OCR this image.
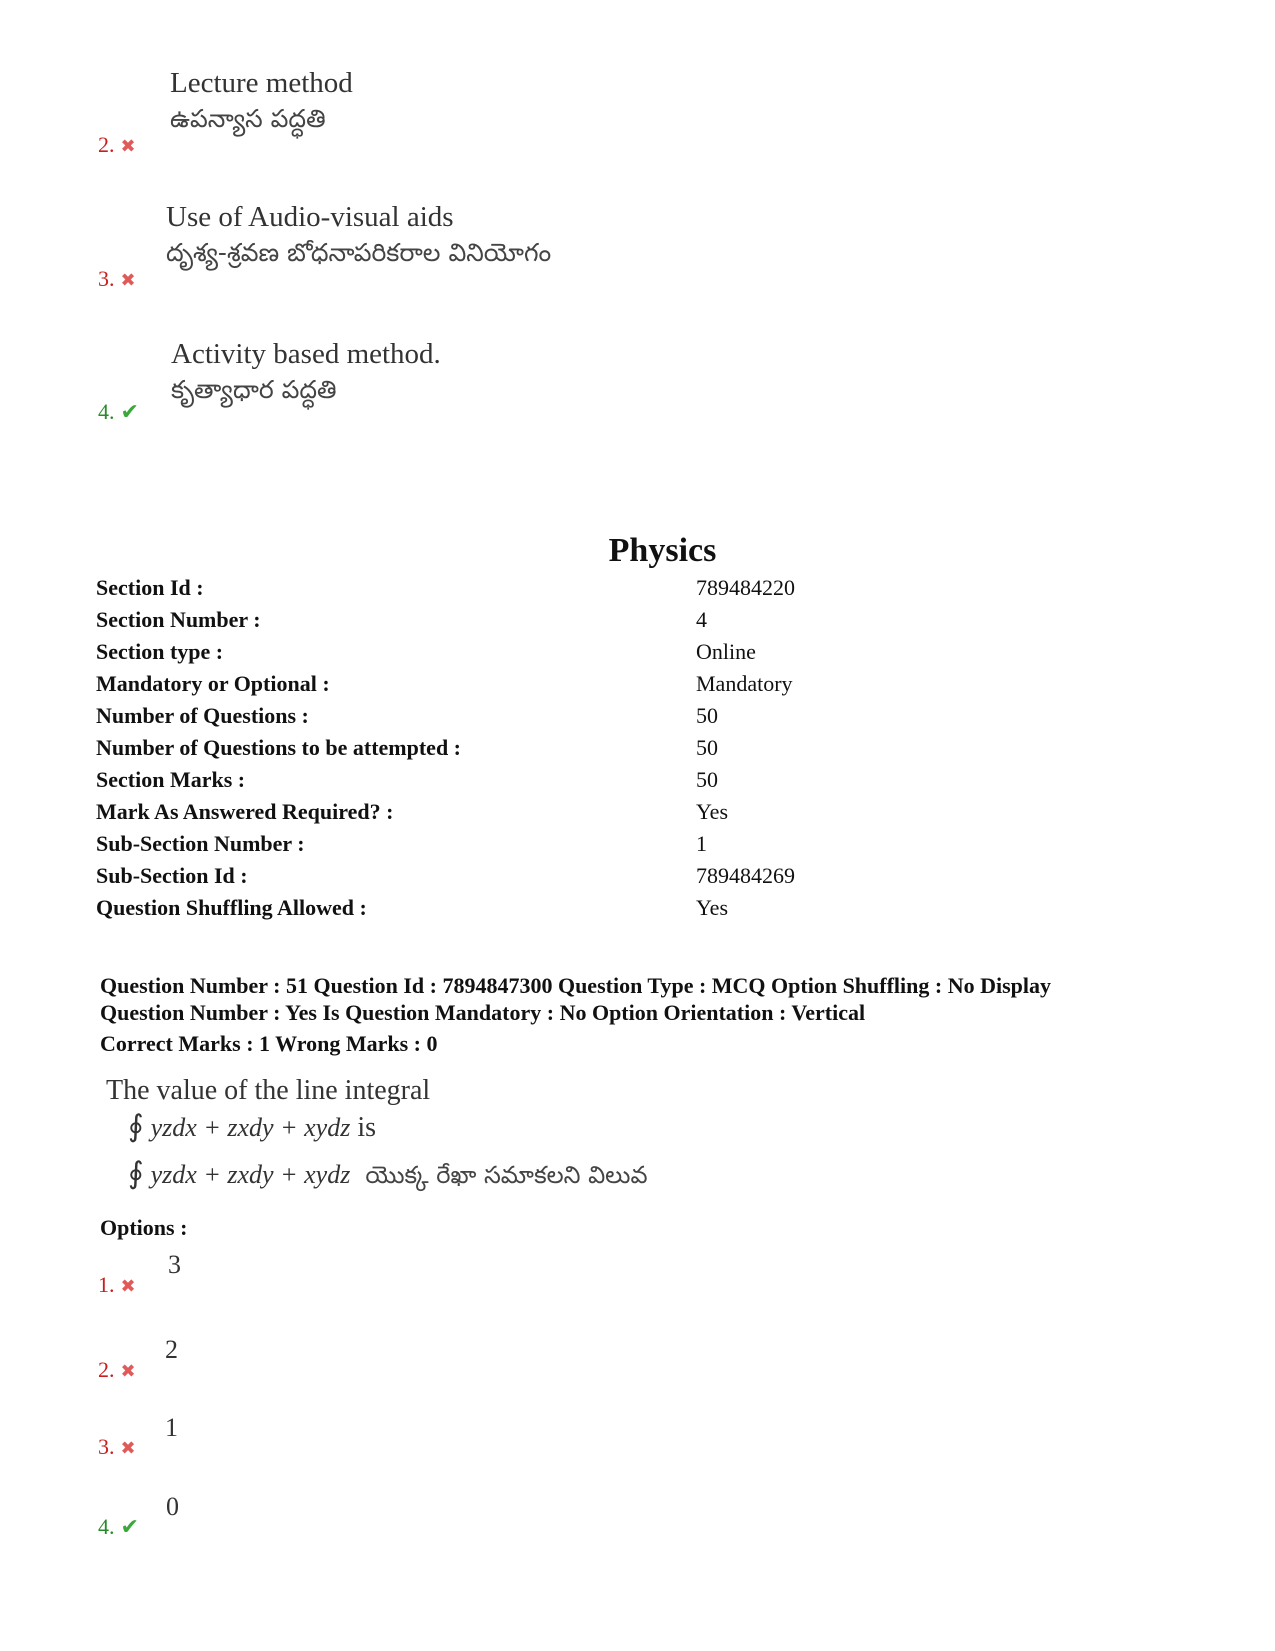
Lecture method
ఉపన్యాస పద్ధతి
2. ✖
Use of Audio-visual aids
దృశ్య-శ్రవణ బోధనాపరికరాల వినియోగం
3. ✖
Activity based method.
కృత్యాధార పద్ధతి
4. ✔
Physics
Section Id :	789484220
Section Number :	4
Section type :	Online
Mandatory or Optional :	Mandatory
Number of Questions :	50
Number of Questions to be attempted :	50
Section Marks :	50
Mark As Answered Required? :	Yes
Sub-Section Number :	1
Sub-Section Id :	789484269
Question Shuffling Allowed :	Yes
Question Number : 51 Question Id : 7894847300 Question Type : MCQ Option Shuffling : No Display
Question Number : Yes Is Question Mandatory : No Option Orientation : Vertical
Correct Marks : 1 Wrong Marks : 0
The value of the line integral
∮ yzdx + zxdy + xydz is
∮ yzdx + zxdy + xydz యొక్క రేఖా సమాకలని విలువ
Options :
1. ✖
3
2. ✖
2
3. ✖
1
4. ✔
0
